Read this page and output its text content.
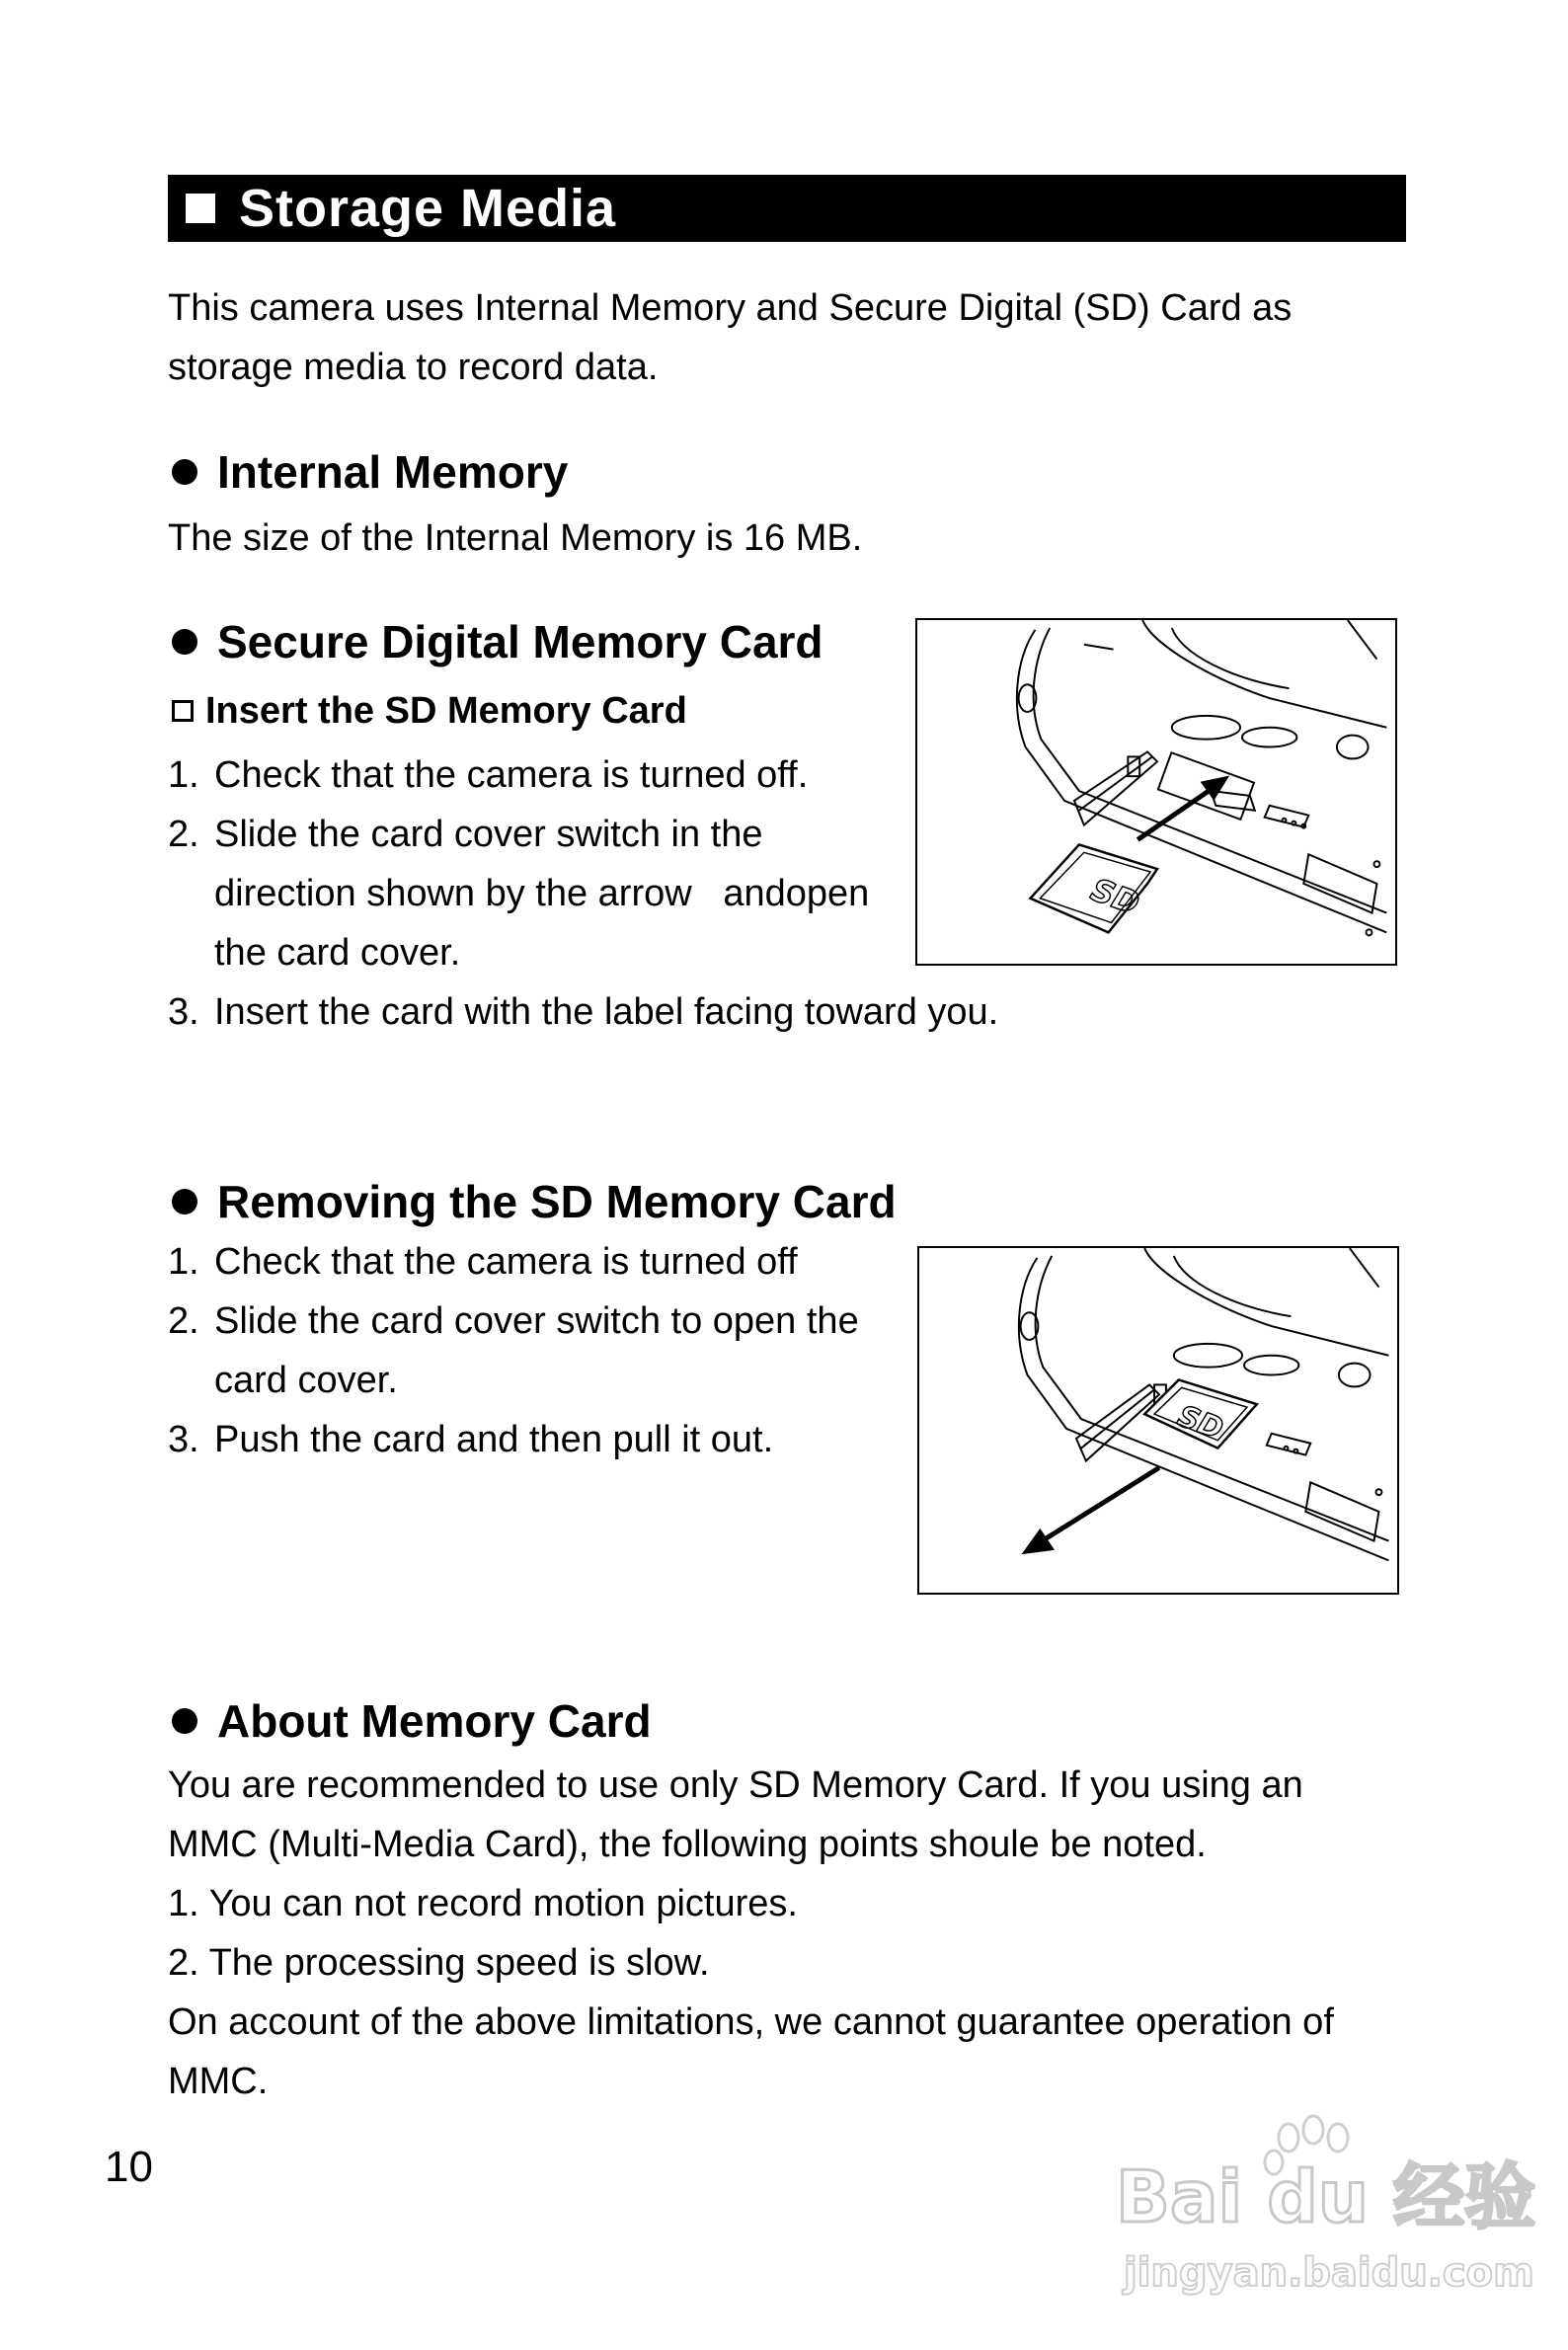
Storage Media
This camera uses Internal Memory and Secure Digital (SD) Card as
storage media to record data.
Internal Memory
The size of the Internal Memory is 16 MB.
Secure Digital Memory Card
Insert the SD Memory Card
1. Check that the camera is turned off.
2. Slide the card cover switch in the
direction shown by the arrow   andopen
the card cover.
3. Insert the card with the label facing toward you.
SD
Removing the SD Memory Card
1. Check that the camera is turned off
2. Slide the card cover switch to open the
card cover.
3. Push the card and then pull it out.	SD
About Memory Card
You are recommended to use only SD Memory Card. If you using an
MMC (Multi-Media Card), the following points shoule be noted.
1. You can not record motion pictures.
2. The processing speed is slow.
On account of the above limitations, we cannot guarantee operation of
MMC.
10	Bai du 经验
jingyan.baidu.com
